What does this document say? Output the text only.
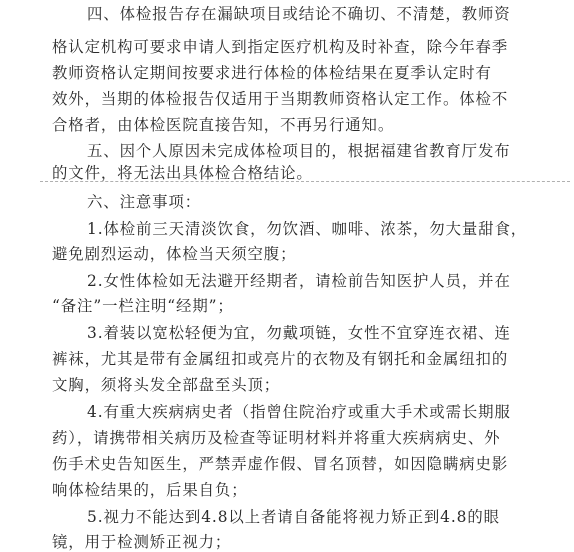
四、体检报告存在漏缺项目或结论不确切、不清楚，教师资
格认定机构可要求申请人到指定医疗机构及时补查，除今年春季
教师资格认定期间按要求进行体检的体检结果在夏季认定时有
效外，当期的体检报告仅适用于当期教师资格认定工作。体检不
合格者，由体检医院直接告知，不再另行通知。
五、因个人原因未完成体检项目的，根据福建省教育厅发布
的文件，将无法出具体检合格结论。
六、注意事项：
1.体检前三天清淡饮食，勿饮酒、咖啡、浓茶，勿大量甜食，
避免剧烈运动，体检当天须空腹；
2.女性体检如无法避开经期者，请检前告知医护人员，并在
“备注”一栏注明“经期”；
3.着装以宽松轻便为宜，勿戴项链，女性不宜穿连衣裙、连
裤袜，尤其是带有金属纽扣或亮片的衣物及有钢托和金属纽扣的
文胸，须将头发全部盘至头顶；
4.有重大疾病病史者（指曾住院治疗或重大手术或需长期服
药），请携带相关病历及检查等证明材料并将重大疾病病史、外
伤手术史告知医生，严禁弄虚作假、冒名顶替，如因隐瞒病史影
响体检结果的，后果自负；
5.视力不能达到4.8以上者请自备能将视力矫正到4.8的眼
镜，用于检测矫正视力；
